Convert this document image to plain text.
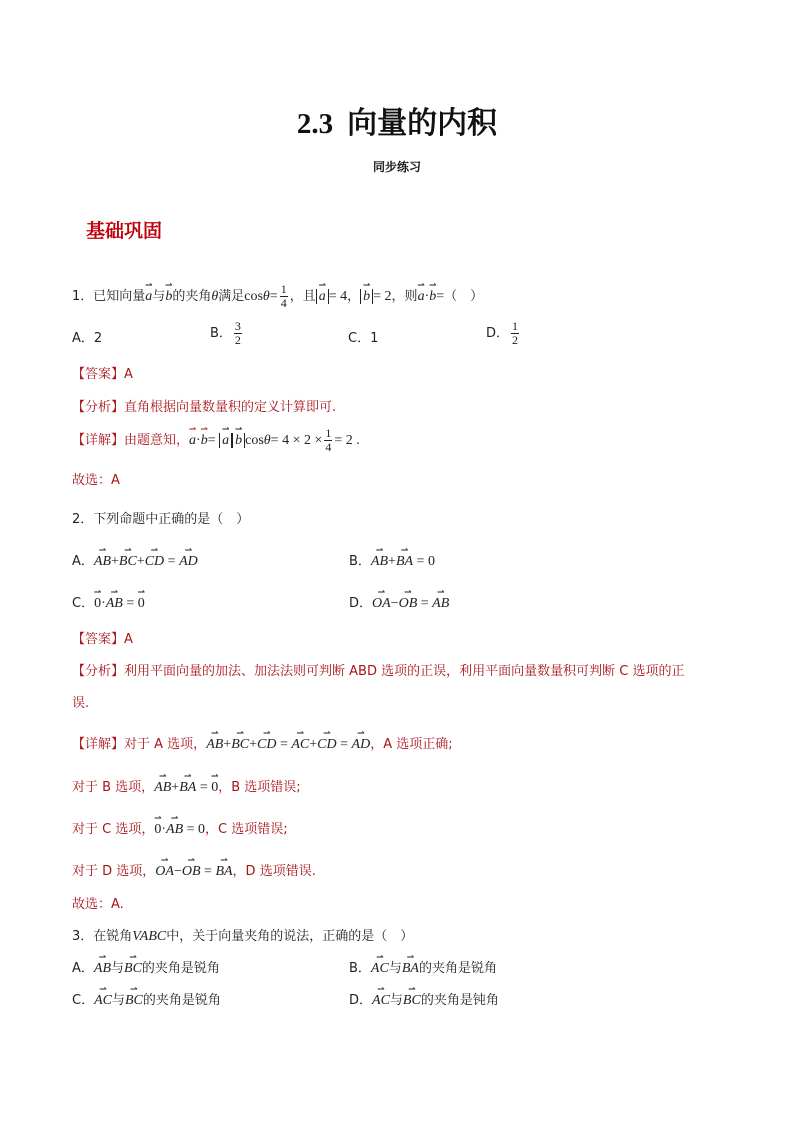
2.3 向量的内积
同步练习
基础巩固
1．已知向量⇀ a与⇀ b的夹角θ满足$\cos\theta= \frac{1}{4}$ ，且 ⇀ a = 4， ⇀ b = 2，则⇀ a·⇀ b=（　）
A．2	B． $\frac{3}{2}$	C．1	D． $\frac{1}{2}$
【答案】A
【分析】直角根据向量数量积的定义计算即可.
【详解】由题意知，⇀ a·⇀ b= ⇀ a ⇀ b $\cos\theta= 4 \times 2 \times \frac{1}{4} = 2$ .
故选：A
2．下列命题中正确的是（　）
A．⇀ AB+⇀ BC+⇀ CD = ⇀ AD	B．⇀ AB+⇀ BA = 0
C．⇀ 0·⇀ AB = ⇀ 0	D．⇀ OA−⇀ OB = ⇀ AB
【答案】A
【分析】利用平面向量的加法、加法法则可判断 ABD 选项的正误，利用平面向量数量积可判断 C 选项的正
误.
【详解】对于 A 选项，⇀ AB+⇀ BC+⇀ CD = ⇀ AC+⇀ CD = ⇀ AD，A 选项正确;
对于 B 选项，⇀ AB+⇀ BA = ⇀ 0，B 选项错误;
对于 C 选项，⇀ 0·⇀ AB = 0，C 选项错误;
对于 D 选项，⇀ OA−⇀ OB = ⇀ BA，D 选项错误.
故选：A.
3．在锐角VABC中，关于向量夹角的说法，正确的是（　）
A．⇀ AB与⇀ BC的夹角是锐角	B．⇀ AC与⇀ BA的夹角是锐角
C．⇀ AC与⇀ BC的夹角是锐角	D．⇀ AC与⇀ BC的夹角是钝角
